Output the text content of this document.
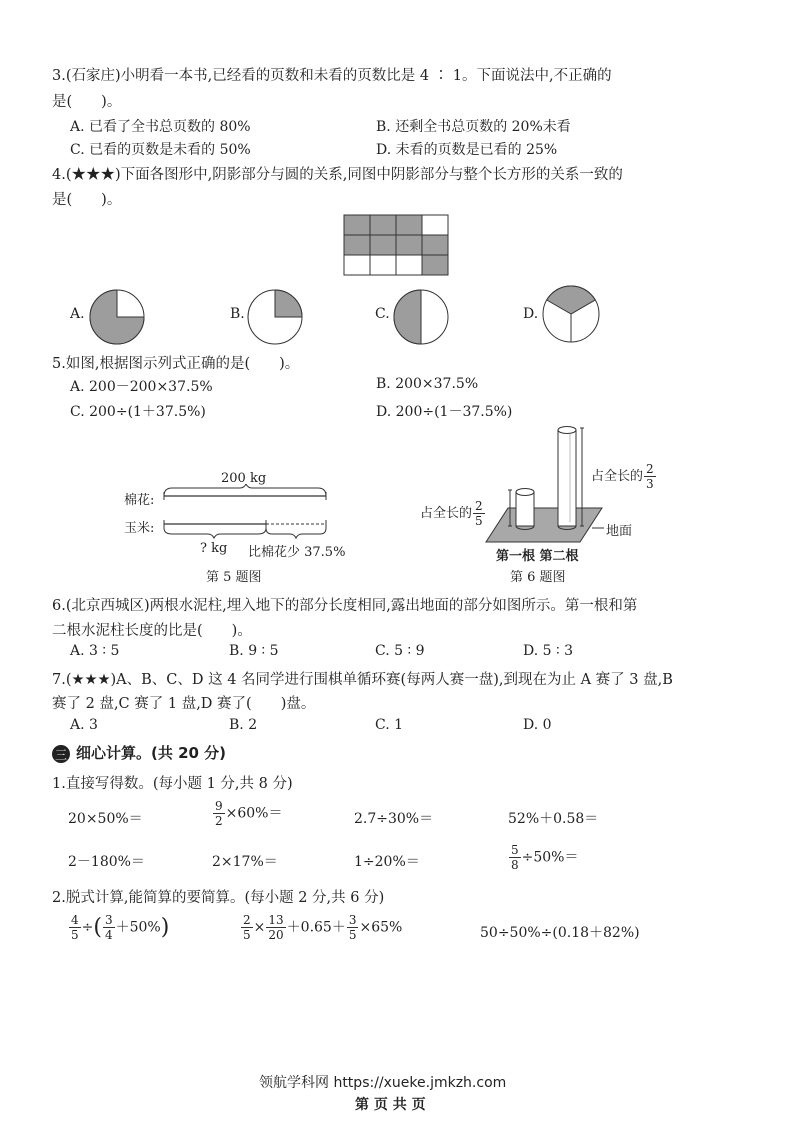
3.(石家庄)小明看一本书,已经看的页数和未看的页数比是 4 ∶ 1。下面说法中,不正确的
是(　　)。
A. 已看了全书总页数的 80%	B. 还剩全书总页数的 20%未看
C. 已看的页数是未看的 50%	D. 未看的页数是已看的 25%
4.(★★★)下面各图形中,阴影部分与圆的关系,同图中阴影部分与整个长方形的关系一致的
是(　　)。
A.	B.	C.	D.
5.如图,根据图示列式正确的是(　　)。
A. 200－200×37.5%	B. 200×37.5%
C. 200÷(1＋37.5%)	D. 200÷(1－37.5%)
200 kg
棉花:
玉米:
? kg 比棉花少 37.5%
第 5 题图
占全长的 $\frac{2}{5}$
占全长的 $\frac{2}{3}$
地面
第一根 第二根
第 6 题图
6.(北京西城区)两根水泥柱,埋入地下的部分长度相同,露出地面的部分如图所示。第一根和第
二根水泥柱长度的比是(　　)。
A. 3 ∶ 5	B. 9 ∶ 5	C. 5 ∶ 9	D. 5 ∶ 3
7.(★★★)A、B、C、D 这 4 名同学进行围棋单循环赛(每两人赛一盘),到现在为止 A 赛了 3 盘,B
赛了 2 盘,C 赛了 1 盘,D 赛了(　　)盘。
A. 3	B. 2	C. 1	D. 0
三 细心计算。(共 20 分)
1.直接写得数。(每小题 1 分,共 8 分)
20×50%＝	$\frac{9}{2} \times 60\%=$	2.7÷30%＝	52%＋0.58＝
2－180%＝	2×17%＝	1÷20%＝	$\frac{5}{8} \div 50\%=$
2.脱式计算,能简算的要简算。(每小题 2 分,共 6 分)
$\frac{4}{5}$ ÷( $\frac{3}{4} +50\%$)	$\frac{2}{5} \times \frac{13}{20} +0.65+ \frac{3}{5} \times 65\%$	50÷50%÷(0.18＋82%)
领航学科网 https://xueke.jmkzh.com
第 页 共 页
